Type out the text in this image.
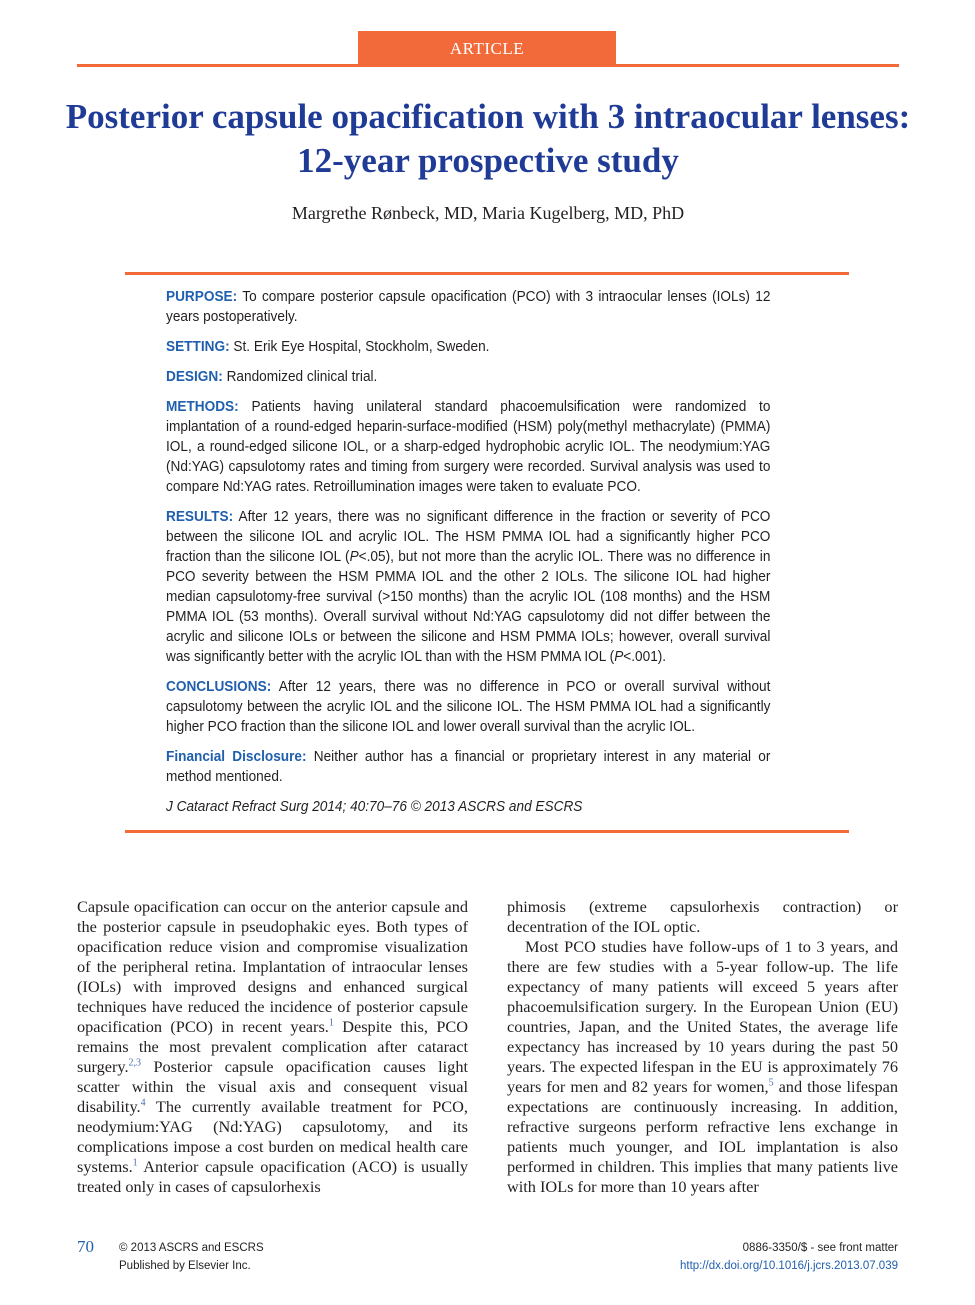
ARTICLE
Posterior capsule opacification with 3 intraocular lenses: 12-year prospective study
Margrethe Rønbeck, MD, Maria Kugelberg, MD, PhD

PURPOSE: To compare posterior capsule opacification (PCO) with 3 intraocular lenses (IOLs) 12 years postoperatively.

SETTING: St. Erik Eye Hospital, Stockholm, Sweden.

DESIGN: Randomized clinical trial.

METHODS: Patients having unilateral standard phacoemulsification were randomized to implantation of a round-edged heparin-surface-modified (HSM) poly(methyl methacrylate) (PMMA) IOL, a round-edged silicone IOL, or a sharp-edged hydrophobic acrylic IOL. The neodymium:YAG (Nd:YAG) capsulotomy rates and timing from surgery were recorded. Survival analysis was used to compare Nd:YAG rates. Retroillumination images were taken to evaluate PCO.

RESULTS: After 12 years, there was no significant difference in the fraction or severity of PCO between the silicone IOL and acrylic IOL. The HSM PMMA IOL had a significantly higher PCO fraction than the silicone IOL (P<.05), but not more than the acrylic IOL. There was no difference in PCO severity between the HSM PMMA IOL and the other 2 IOLs. The silicone IOL had higher median capsulotomy-free survival (>150 months) than the acrylic IOL (108 months) and the HSM PMMA IOL (53 months). Overall survival without Nd:YAG capsulotomy did not differ between the acrylic and silicone IOLs or between the silicone and HSM PMMA IOLs; however, overall survival was significantly better with the acrylic IOL than with the HSM PMMA IOL (P<.001).

CONCLUSIONS: After 12 years, there was no difference in PCO or overall survival without capsulotomy between the acrylic IOL and the silicone IOL. The HSM PMMA IOL had a significantly higher PCO fraction than the silicone IOL and lower overall survival than the acrylic IOL.

Financial Disclosure: Neither author has a financial or proprietary interest in any material or method mentioned.

J Cataract Refract Surg 2014; 40:70–76 © 2013 ASCRS and ESCRS

Capsule opacification can occur on the anterior capsule and the posterior capsule in pseudophakic eyes. Both types of opacification reduce vision and compromise visualization of the peripheral retina. Implantation of intraocular lenses (IOLs) with improved designs and enhanced surgical techniques have reduced the incidence of posterior capsule opacification (PCO) in recent years.$^1$ Despite this, PCO remains the most prevalent complication after cataract surgery.$^{2,3}$ Posterior capsule opacification causes light scatter within the visual axis and consequent visual disability.$^4$ The currently available treatment for PCO, neodymium:YAG (Nd:YAG) capsulotomy, and its complications impose a cost burden on medical health care systems.$^1$ Anterior capsule opacification (ACO) is usually treated only in cases of capsulorhexis

phimosis (extreme capsulorhexis contraction) or decentration of the IOL optic.

Most PCO studies have follow-ups of 1 to 3 years, and there are few studies with a 5-year follow-up. The life expectancy of many patients will exceed 5 years after phacoemulsification surgery. In the European Union (EU) countries, Japan, and the United States, the average life expectancy has increased by 10 years during the past 50 years. The expected lifespan in the EU is approximately 76 years for men and 82 years for women,$^5$ and those lifespan expectations are continuously increasing. In addition, refractive surgeons perform refractive lens exchange in patients much younger, and IOL implantation is also performed in children. This implies that many patients live with IOLs for more than 10 years after

70 © 2013 ASCRS and ESCRS
Published by Elsevier Inc.
0886-3350/$ - see front matter
http://dx.doi.org/10.1016/j.jcrs.2013.07.039
